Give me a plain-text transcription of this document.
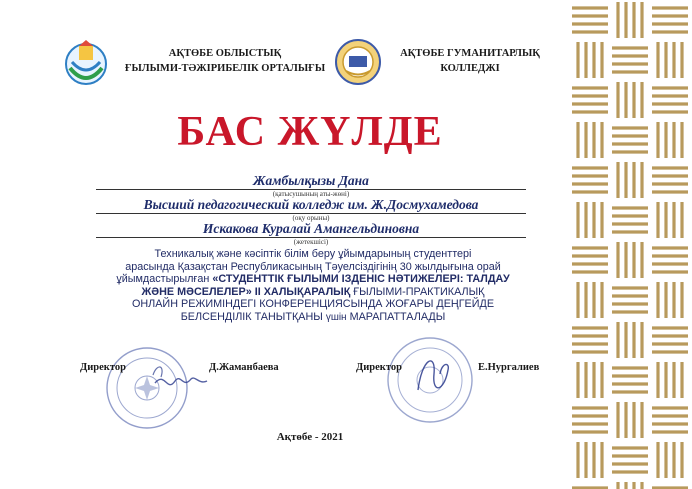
АҚТӨБЕ ОБЛЫСТЫҚ
ҒЫЛЫМИ-ТӘЖІРИБЕЛІК ОРТАЛЫҒЫ
АҚТӨБЕ ГУМАНИТАРЛЫҚ
КОЛЛЕДЖІ
БАС ЖҮЛДЕ
Жамбылқызы Дана
(қатысушының аты-жөні)
Высший педагогический колледж им. Ж.Досмухамедова
(оқу орыны)
Искакова Куралай Амангельдиновна
(жетекшісі)
Техникалық және кәсіптік білім беру ұйымдарының студенттері
арасында Қазақстан Республикасының Тәуелсіздігінің 30 жылдығына орай
ұйымдастырылған «СТУДЕНТТІК ҒЫЛЫМИ ІЗДЕНІС НӘТИЖЕЛЕРІ: ТАЛДАУ
ЖӘНЕ МӘСЕЛЕЛЕР» ІІ ХАЛЫҚАРАЛЫҚ ҒЫЛЫМИ-ПРАКТИКАЛЫҚ
ОНЛАЙН РЕЖИМІНДЕГІ КОНФЕРЕНЦИЯСЫНДА ЖОҒАРЫ ДЕҢГЕЙДЕ
БЕЛСЕНДІЛІК ТАНЫТҚАНЫ үшін МАРАПАТТАЛАДЫ
Директор	Д.Жаманбаева	Директор	Е.Нургалиев
Ақтөбе - 2021
